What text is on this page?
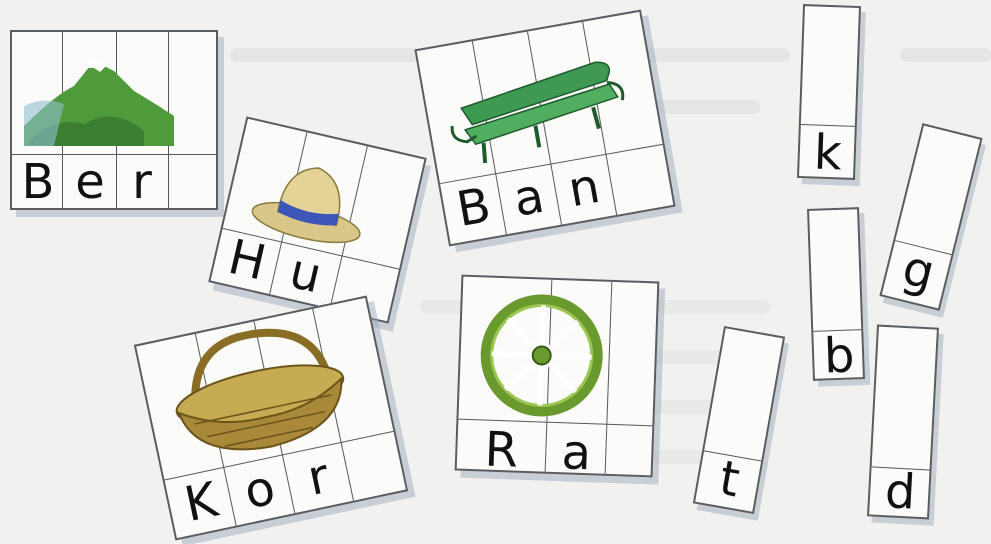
B e r
H u
B a n
K o r	R a
k
g
b
t	d
